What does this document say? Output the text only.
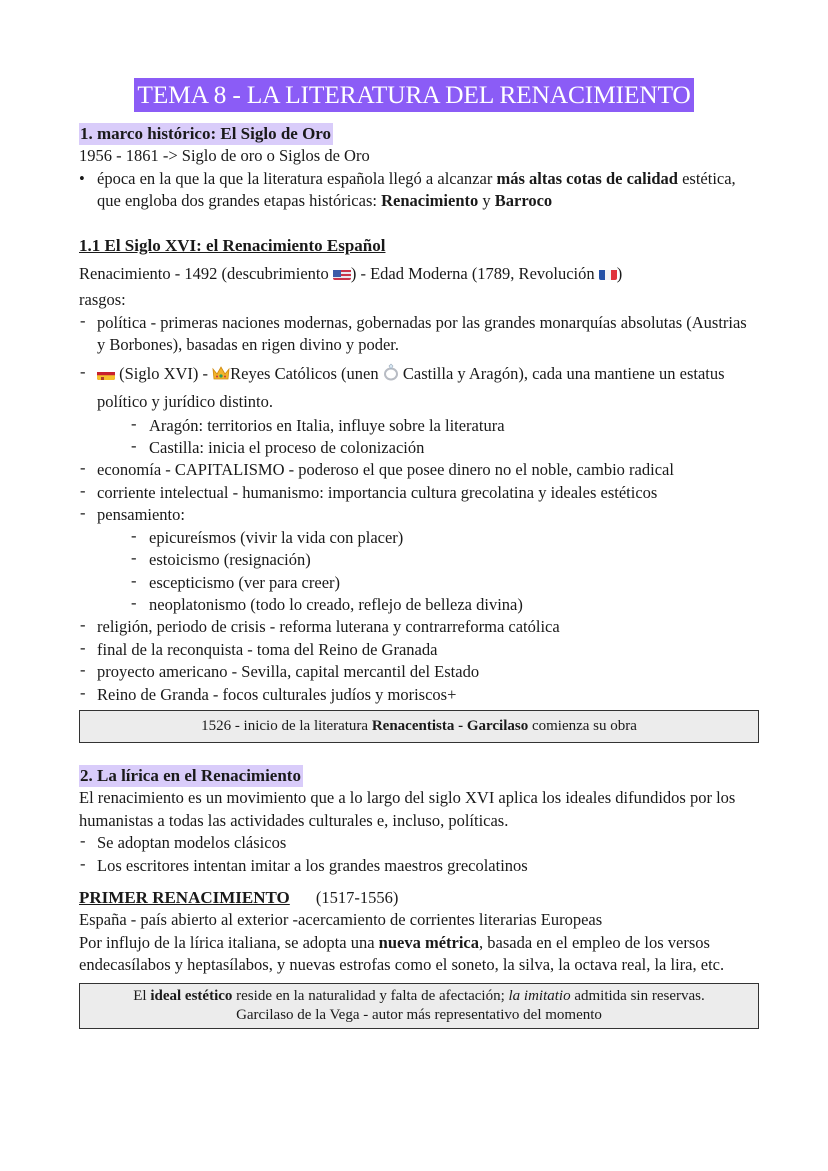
TEMA 8 - LA LITERATURA DEL RENACIMIENTO
1. marco histórico: El Siglo de Oro
1956 - 1861 -> Siglo de oro o Siglos de Oro
• época en la que la que la literatura española llegó a alcanzar más altas cotas de calidad estética, que engloba dos grandes etapas históricas: Renacimiento y Barroco
1.1 El Siglo XVI: el Renacimiento Español
Renacimiento - 1492 (descubrimiento ) - Edad Moderna (1789, Revolución )
rasgos:
- política - primeras naciones modernas, gobernadas por las grandes monarquías absolutas (Austrias y Borbones), basadas en rigen divino y poder.
- (Siglo XVI) - Reyes Católicos (unen  Castilla y Aragón), cada una mantiene un estatus político y jurídico distinto.
- Aragón: territorios en Italia, influye sobre la literatura
- Castilla: inicia el proceso de colonización
- economía - CAPITALISMO - poderoso el que posee dinero no el noble, cambio radical
- corriente intelectual - humanismo: importancia cultura grecolatina y ideales estéticos
- pensamiento:
- epicureísmos (vivir la vida con placer)
- estoicismo (resignación)
- escepticismo (ver para creer)
- neoplatonismo (todo lo creado, reflejo de belleza divina)
- religión, periodo de crisis - reforma luterana y contrarreforma católica
- final de la reconquista - toma del Reino de Granada
- proyecto americano - Sevilla, capital mercantil del Estado
- Reino de Granda - focos culturales judíos y moriscos+
1526 - inicio de la literatura Renacentista - Garcilaso comienza su obra
2. La lírica en el Renacimiento
El renacimiento es un movimiento que a lo largo del siglo XVI aplica los ideales difundidos por los humanistas a todas las actividades culturales e, incluso, políticas.
- Se adoptan modelos clásicos
- Los escritores intentan imitar a los grandes maestros grecolatinos
PRIMER RENACIMIENTO (1517-1556)
España - país abierto al exterior -acercamiento de corrientes literarias Europeas
Por influjo de la lírica italiana, se adopta una nueva métrica, basada en el empleo de los versos endecasílabos y heptasílabos, y nuevas estrofas como el soneto, la silva, la octava real, la lira, etc.
El ideal estético reside en la naturalidad y falta de afectación; la imitatio admitida sin reservas.
Garcilaso de la Vega - autor más representativo del momento
